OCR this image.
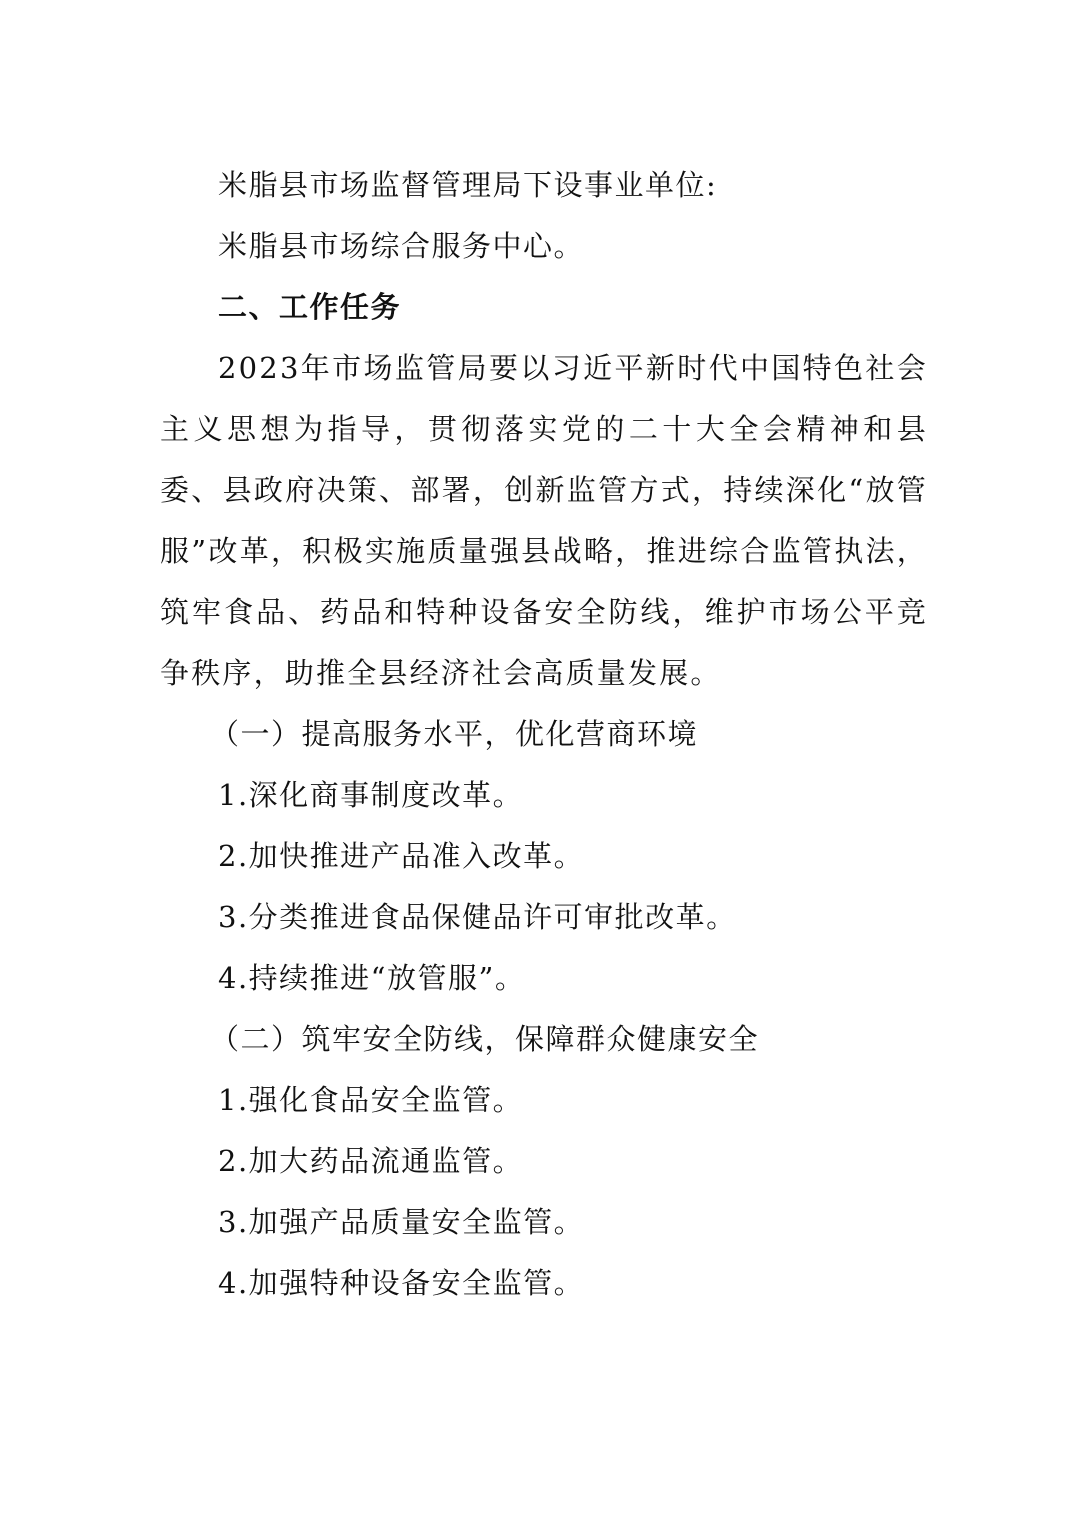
米脂县市场监督管理局下设事业单位:

米脂县市场综合服务中心。

二、工作任务

2023年市场监管局要以习近平新时代中国特色社会主义思想为指导，贯彻落实党的二十大全会精神和县委、县政府决策、部署，创新监管方式，持续深化“放管服”改革，积极实施质量强县战略，推进综合监管执法，筑牢食品、药品和特种设备安全防线，维护市场公平竞争秩序，助推全县经济社会高质量发展。

（一）提高服务水平，优化营商环境

1.深化商事制度改革。

2.加快推进产品准入改革。

3.分类推进食品保健品许可审批改革。

4.持续推进“放管服”。

（二）筑牢安全防线，保障群众健康安全

1.强化食品安全监管。

2.加大药品流通监管。

3.加强产品质量安全监管。

4.加强特种设备安全监管。
